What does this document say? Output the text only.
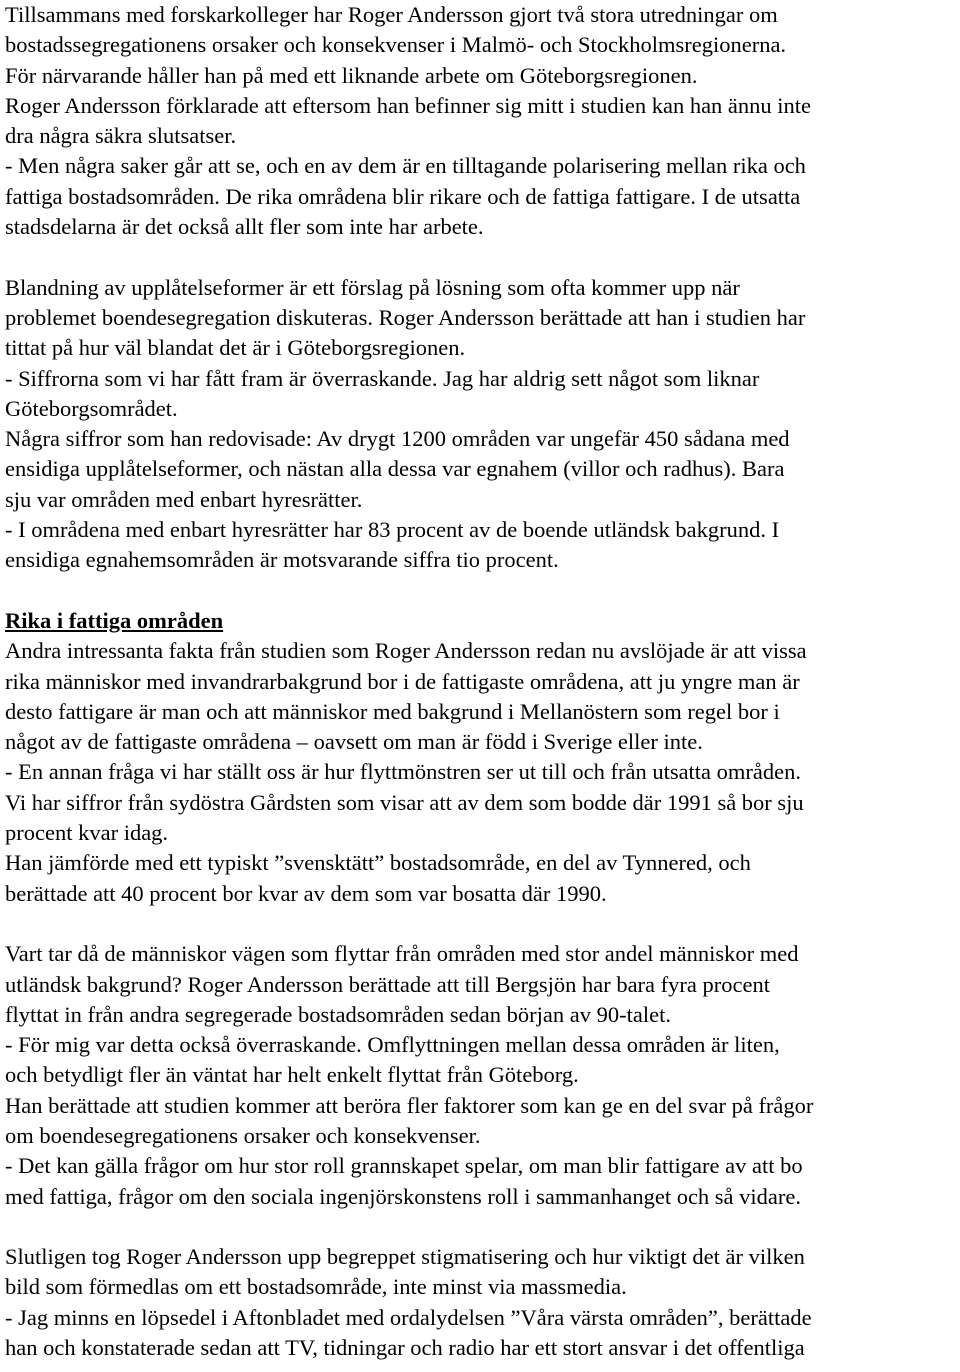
Tillsammans med forskarkolleger har Roger Andersson gjort två stora utredningar om
bostadssegregationens orsaker och konsekvenser i Malmö- och Stockholmsregionerna.
För närvarande håller han på med ett liknande arbete om Göteborgsregionen.
Roger Andersson förklarade att eftersom han befinner sig mitt i studien kan han ännu inte
dra några säkra slutsatser.
- Men några saker går att se, och en av dem är en tilltagande polarisering mellan rika och
fattiga bostadsområden. De rika områdena blir rikare och de fattiga fattigare. I de utsatta
stadsdelarna är det också allt fler som inte har arbete.
Blandning av upplåtelseformer är ett förslag på lösning som ofta kommer upp när
problemet boendesegregation diskuteras. Roger Andersson berättade att han i studien har
tittat på hur väl blandat det är i Göteborgsregionen.
- Siffrorna som vi har fått fram är överraskande. Jag har aldrig sett något som liknar
Göteborgsområdet.
Några siffror som han redovisade: Av drygt 1200 områden var ungefär 450 sådana med
ensidiga upplåtelseformer, och nästan alla dessa var egnahem (villor och radhus). Bara
sju var områden med enbart hyresrätter.
- I områdena med enbart hyresrätter har 83 procent av de boende utländsk bakgrund. I
ensidiga egnahemsområden är motsvarande siffra tio procent.
Rika i fattiga områden
Andra intressanta fakta från studien som Roger Andersson redan nu avslöjade är att vissa
rika människor med invandrarbakgrund bor i de fattigaste områdena, att ju yngre man är
desto fattigare är man och att människor med bakgrund i Mellanöstern som regel bor i
något av de fattigaste områdena – oavsett om man är född i Sverige eller inte.
- En annan fråga vi har ställt oss är hur flyttmönstren ser ut till och från utsatta områden.
Vi har siffror från sydöstra Gårdsten som visar att av dem som bodde där 1991 så bor sju
procent kvar idag.
Han jämförde med ett typiskt ”svensktätt” bostadsområde, en del av Tynnered, och
berättade att 40 procent bor kvar av dem som var bosatta där 1990.
Vart tar då de människor vägen som flyttar från områden med stor andel människor med
utländsk bakgrund? Roger Andersson berättade att till Bergsjön har bara fyra procent
flyttat in från andra segregerade bostadsområden sedan början av 90-talet.
- För mig var detta också överraskande. Omflyttningen mellan dessa områden är liten,
och betydligt fler än väntat har helt enkelt flyttat från Göteborg.
Han berättade att studien kommer att beröra fler faktorer som kan ge en del svar på frågor
om boendesegregationens orsaker och konsekvenser.
- Det kan gälla frågor om hur stor roll grannskapet spelar, om man blir fattigare av att bo
med fattiga, frågor om den sociala ingenjörskonstens roll i sammanhanget och så vidare.
Slutligen tog Roger Andersson upp begreppet stigmatisering och hur viktigt det är vilken
bild som förmedlas om ett bostadsområde, inte minst via massmedia.
- Jag minns en löpsedel i Aftonbladet med ordalydelsen ”Våra värsta områden”, berättade
han och konstaterade sedan att TV, tidningar och radio har ett stort ansvar i det offentliga
